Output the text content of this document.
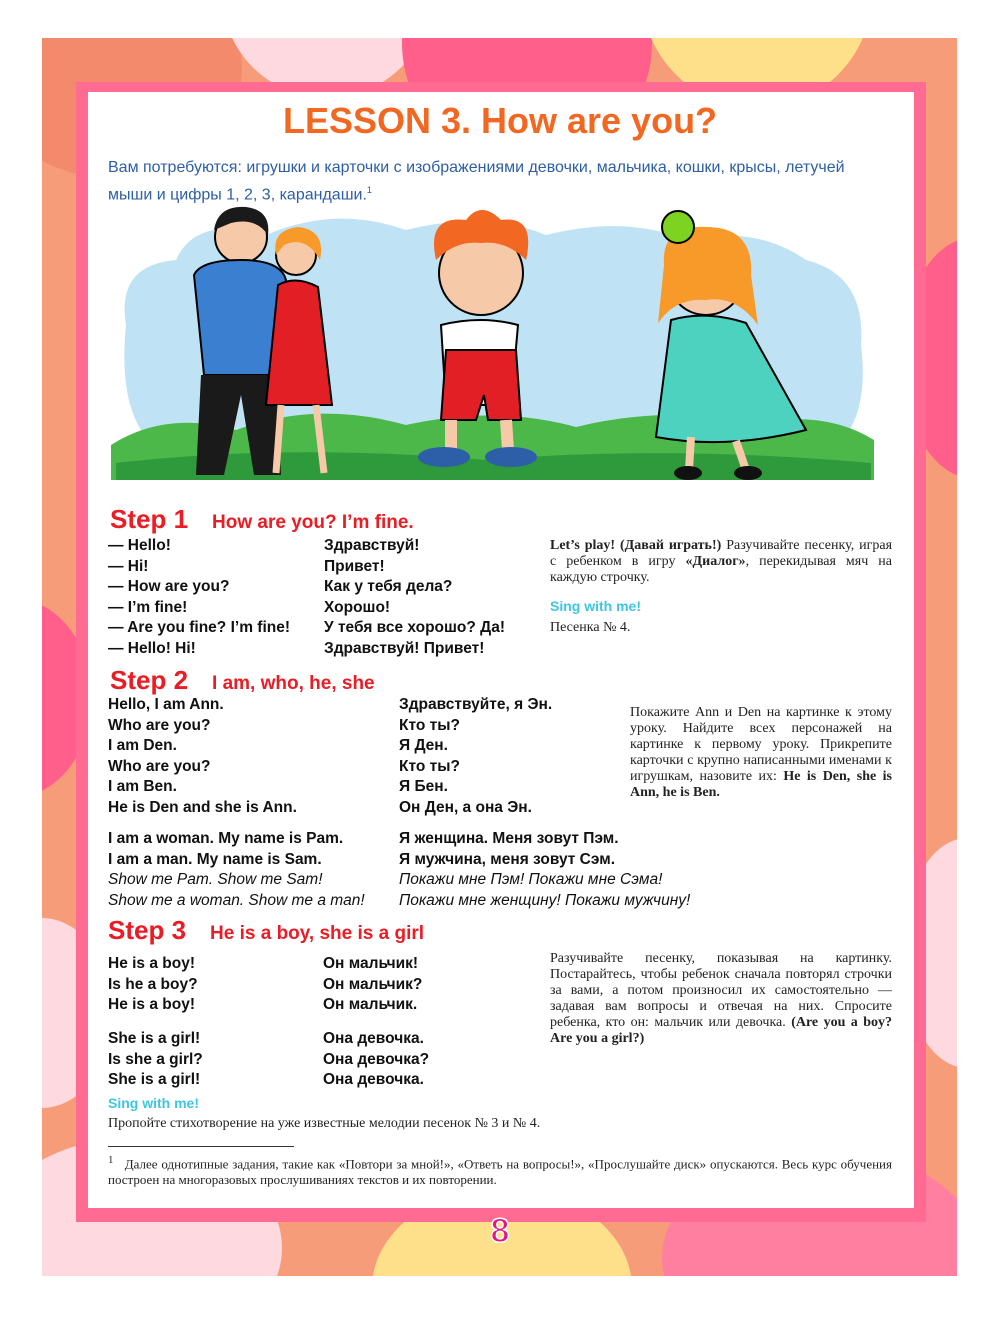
LESSON 3. How are you?
Вам потребуются: игрушки и карточки с изображениями девочки, мальчика, кошки, крысы, летучей мыши и цифры 1, 2, 3, карандаши.$^1$
Step 1 How are you? I’m fine.
— Hello!
— Hi!
— How are you?
— I’m fine!
— Are you fine? I’m fine!
— Hello! Hi!
Здравствуй!
Привет!
Как у тебя дела?
Хорошо!
У тебя все хорошо? Да!
Здравствуй! Привет!
Let’s play! (Давай играть!) Разучивайте песенку, играя с ребенком в игру «Диалог», перекидывая мяч на каждую строчку.
Sing with me!
Песенка № 4.
Step 2 I am, who, he, she
Hello, I am Ann.
Who are you?
I am Den.
Who are you?
I am Ben.
He is Den and she is Ann.
Здравствуйте, я Эн.
Кто ты?
Я Ден.
Кто ты?
Я Бен.
Он Ден, а она Эн.
Покажите Ann и Den на картинке к этому уроку. Найдите всех персонажей на картинке к первому уроку. Прикрепите карточки с крупно написанными именами к игрушкам, назовите их: He is Den, she is Ann, he is Ben.
I am a woman. My name is Pam.
I am a man. My name is Sam.
Show me Pam. Show me Sam!
Show me a woman. Show me a man!
Я женщина. Меня зовут Пэм.
Я мужчина, меня зовут Сэм.
Покажи мне Пэм! Покажи мне Сэма!
Покажи мне женщину! Покажи мужчину!
Step 3 He is a boy, she is a girl
He is a boy!
Is he a boy?
He is a boy!
Он мальчик!
Он мальчик?
Он мальчик.
She is a girl!
Is she a girl?
She is a girl!
Она девочка.
Она девочка?
Она девочка.
Разучивайте песенку, показывая на картинку. Постарайтесь, чтобы ребенок сначала повторял строчки за вами, а потом произносил их самостоятельно — задавая вам вопросы и отвечая на них. Спросите ребенка, кто он: мальчик или девочка. (Are you a boy? Are you a girl?)
Sing with me!
Пропойте стихотворение на уже известные мелодии песенок № 3 и № 4.
$^1$ Далее однотипные задания, такие как «Повтори за мной!», «Ответь на вопросы!», «Прослушайте диск» опускаются. Весь курс обучения построен на многоразовых прослушиваниях текстов и их повторении.
8
